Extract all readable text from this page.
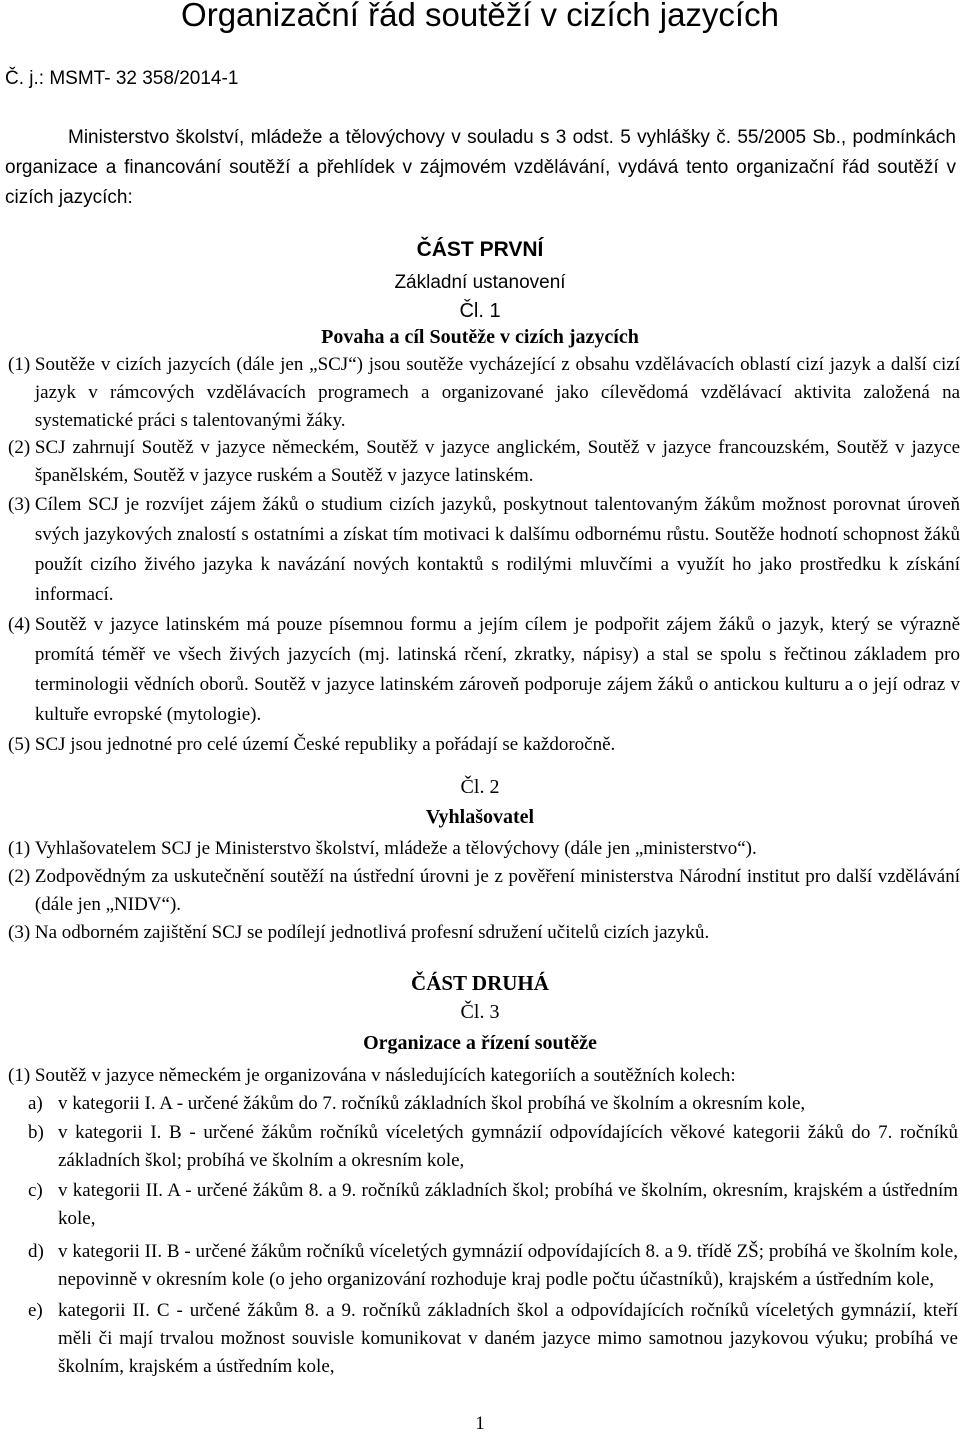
Organizační řád soutěží v cizích jazycích
Č. j.: MSMT- 32 358/2014-1
Ministerstvo školství, mládeže a tělovýchovy v souladu s 3 odst. 5 vyhlášky č. 55/2005 Sb., podmínkách organizace a financování soutěží a přehlídek v zájmovém vzdělávání, vydává tento organizační řád soutěží v cizích jazycích:
ČÁST PRVNÍ
Základní ustanovení
Čl. 1
Povaha a cíl Soutěže v cizích jazycích
(1) Soutěže v cizích jazycích (dále jen „SCJ“) jsou soutěže vycházející z obsahu vzdělávacích oblastí cizí jazyk a další cizí jazyk v rámcových vzdělávacích programech a organizované jako cílevědomá vzdělávací aktivita založená na systematické práci s talentovanými žáky.
(2) SCJ zahrnují Soutěž v jazyce německém, Soutěž v jazyce anglickém, Soutěž v jazyce francouzském, Soutěž v jazyce španělském, Soutěž v jazyce ruském a Soutěž v jazyce latinském.
(3) Cílem SCJ je rozvíjet zájem žáků o studium cizích jazyků, poskytnout talentovaným žákům možnost porovnat úroveň svých jazykových znalostí s ostatními a získat tím motivaci k dalšímu odbornému růstu. Soutěže hodnotí schopnost žáků použít cizího živého jazyka k navázání nových kontaktů s rodilými mluvčími a využít ho jako prostředku k získání informací.
(4) Soutěž v jazyce latinském má pouze písemnou formu a jejím cílem je podpořit zájem žáků o jazyk, který se výrazně promítá téměř ve všech živých jazycích (mj. latinská rčení, zkratky, nápisy) a stal se spolu s řečtinou základem pro terminologii vědních oborů. Soutěž v jazyce latinském zároveň podporuje zájem žáků o antickou kulturu a o její odraz v kultuře evropské (mytologie).
(5) SCJ jsou jednotné pro celé území České republiky a pořádají se každoročně.
Čl. 2
Vyhlašovatel
(1) Vyhlašovatelem SCJ je Ministerstvo školství, mládeže a tělovýchovy (dále jen „ministerstvo“).
(2) Zodpovědným za uskutečnění soutěží na ústřední úrovni je z pověření ministerstva Národní institut pro další vzdělávání (dále jen „NIDV“).
(3) Na odborném zajištění SCJ se podílejí jednotlivá profesní sdružení učitelů cizích jazyků.
ČÁST DRUHÁ
Čl. 3
Organizace a řízení soutěže
(1) Soutěž v jazyce německém je organizována v následujících kategoriích a soutěžních kolech:
a) v kategorii I. A - určené žákům do 7. ročníků základních škol probíhá ve školním a okresním kole,
b) v kategorii I. B - určené žákům ročníků víceletých gymnázií odpovídajících věkové kategorii žáků do 7. ročníků základních škol; probíhá ve školním a okresním kole,
c) v kategorii II. A - určené žákům 8. a 9. ročníků základních škol; probíhá ve školním, okresním, krajském a ústředním kole,
d) v kategorii II. B - určené žákům ročníků víceletých gymnázií odpovídajících 8. a 9. třídě ZŠ; probíhá ve školním kole, nepovinně v okresním kole (o jeho organizování rozhoduje kraj podle počtu účastníků), krajském a ústředním kole,
e) kategorii II. C - určené žákům 8. a 9. ročníků základních škol a odpovídajících ročníků víceletých gymnázií, kteří měli či mají trvalou možnost souvisle komunikovat v daném jazyce mimo samotnou jazykovou výuku; probíhá ve školním, krajském a ústředním kole,
1
